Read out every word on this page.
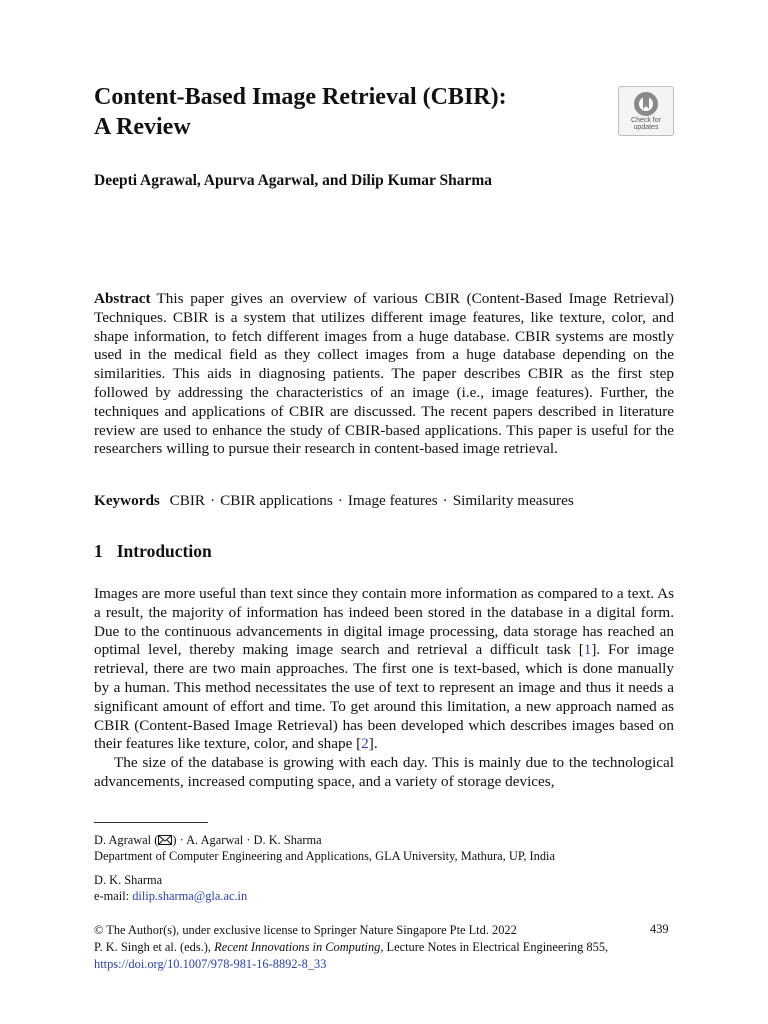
Content-Based Image Retrieval (CBIR):
A Review	Check for
updates
Deepti Agrawal, Apurva Agarwal, and Dilip Kumar Sharma
Abstract This paper gives an overview of various CBIR (Content-Based Image Retrieval) Techniques. CBIR is a system that utilizes different image features, like texture, color, and shape information, to fetch different images from a huge database. CBIR systems are mostly used in the medical field as they collect images from a huge database depending on the similarities. This aids in diagnosing patients. The paper describes CBIR as the first step followed by addressing the characteristics of an image (i.e., image features). Further, the techniques and applications of CBIR are discussed. The recent papers described in literature review are used to enhance the study of CBIR-based applications. This paper is useful for the researchers willing to pursue their research in content-based image retrieval.
Keywords CBIR · CBIR applications · Image features · Similarity measures
1 Introduction

Images are more useful than text since they contain more information as compared to a text. As a result, the majority of information has indeed been stored in the database in a digital form. Due to the continuous advancements in digital image processing, data storage has reached an optimal level, thereby making image search and retrieval a difficult task [1]. For image retrieval, there are two main approaches. The first one is text-based, which is done manually by a human. This method necessitates the use of text to represent an image and thus it needs a significant amount of effort and time. To get around this limitation, a new approach named as CBIR (Content-Based Image Retrieval) has been developed which describes images based on their features like texture, color, and shape [2].

The size of the database is growing with each day. This is mainly due to the technological advancements, increased computing space, and a variety of storage devices,

D. Agrawal ( ) · A. Agarwal · D. K. Sharma
Department of Computer Engineering and Applications, GLA University, Mathura, UP, India
D. K. Sharma
e-mail: dilip.sharma@gla.ac.in
© The Author(s), under exclusive license to Springer Nature Singapore Pte Ltd. 2022
P. K. Singh et al. (eds.), Recent Innovations in Computing, Lecture Notes in Electrical Engineering 855, https://doi.org/10.1007/978-981-16-8892-8_33
439
